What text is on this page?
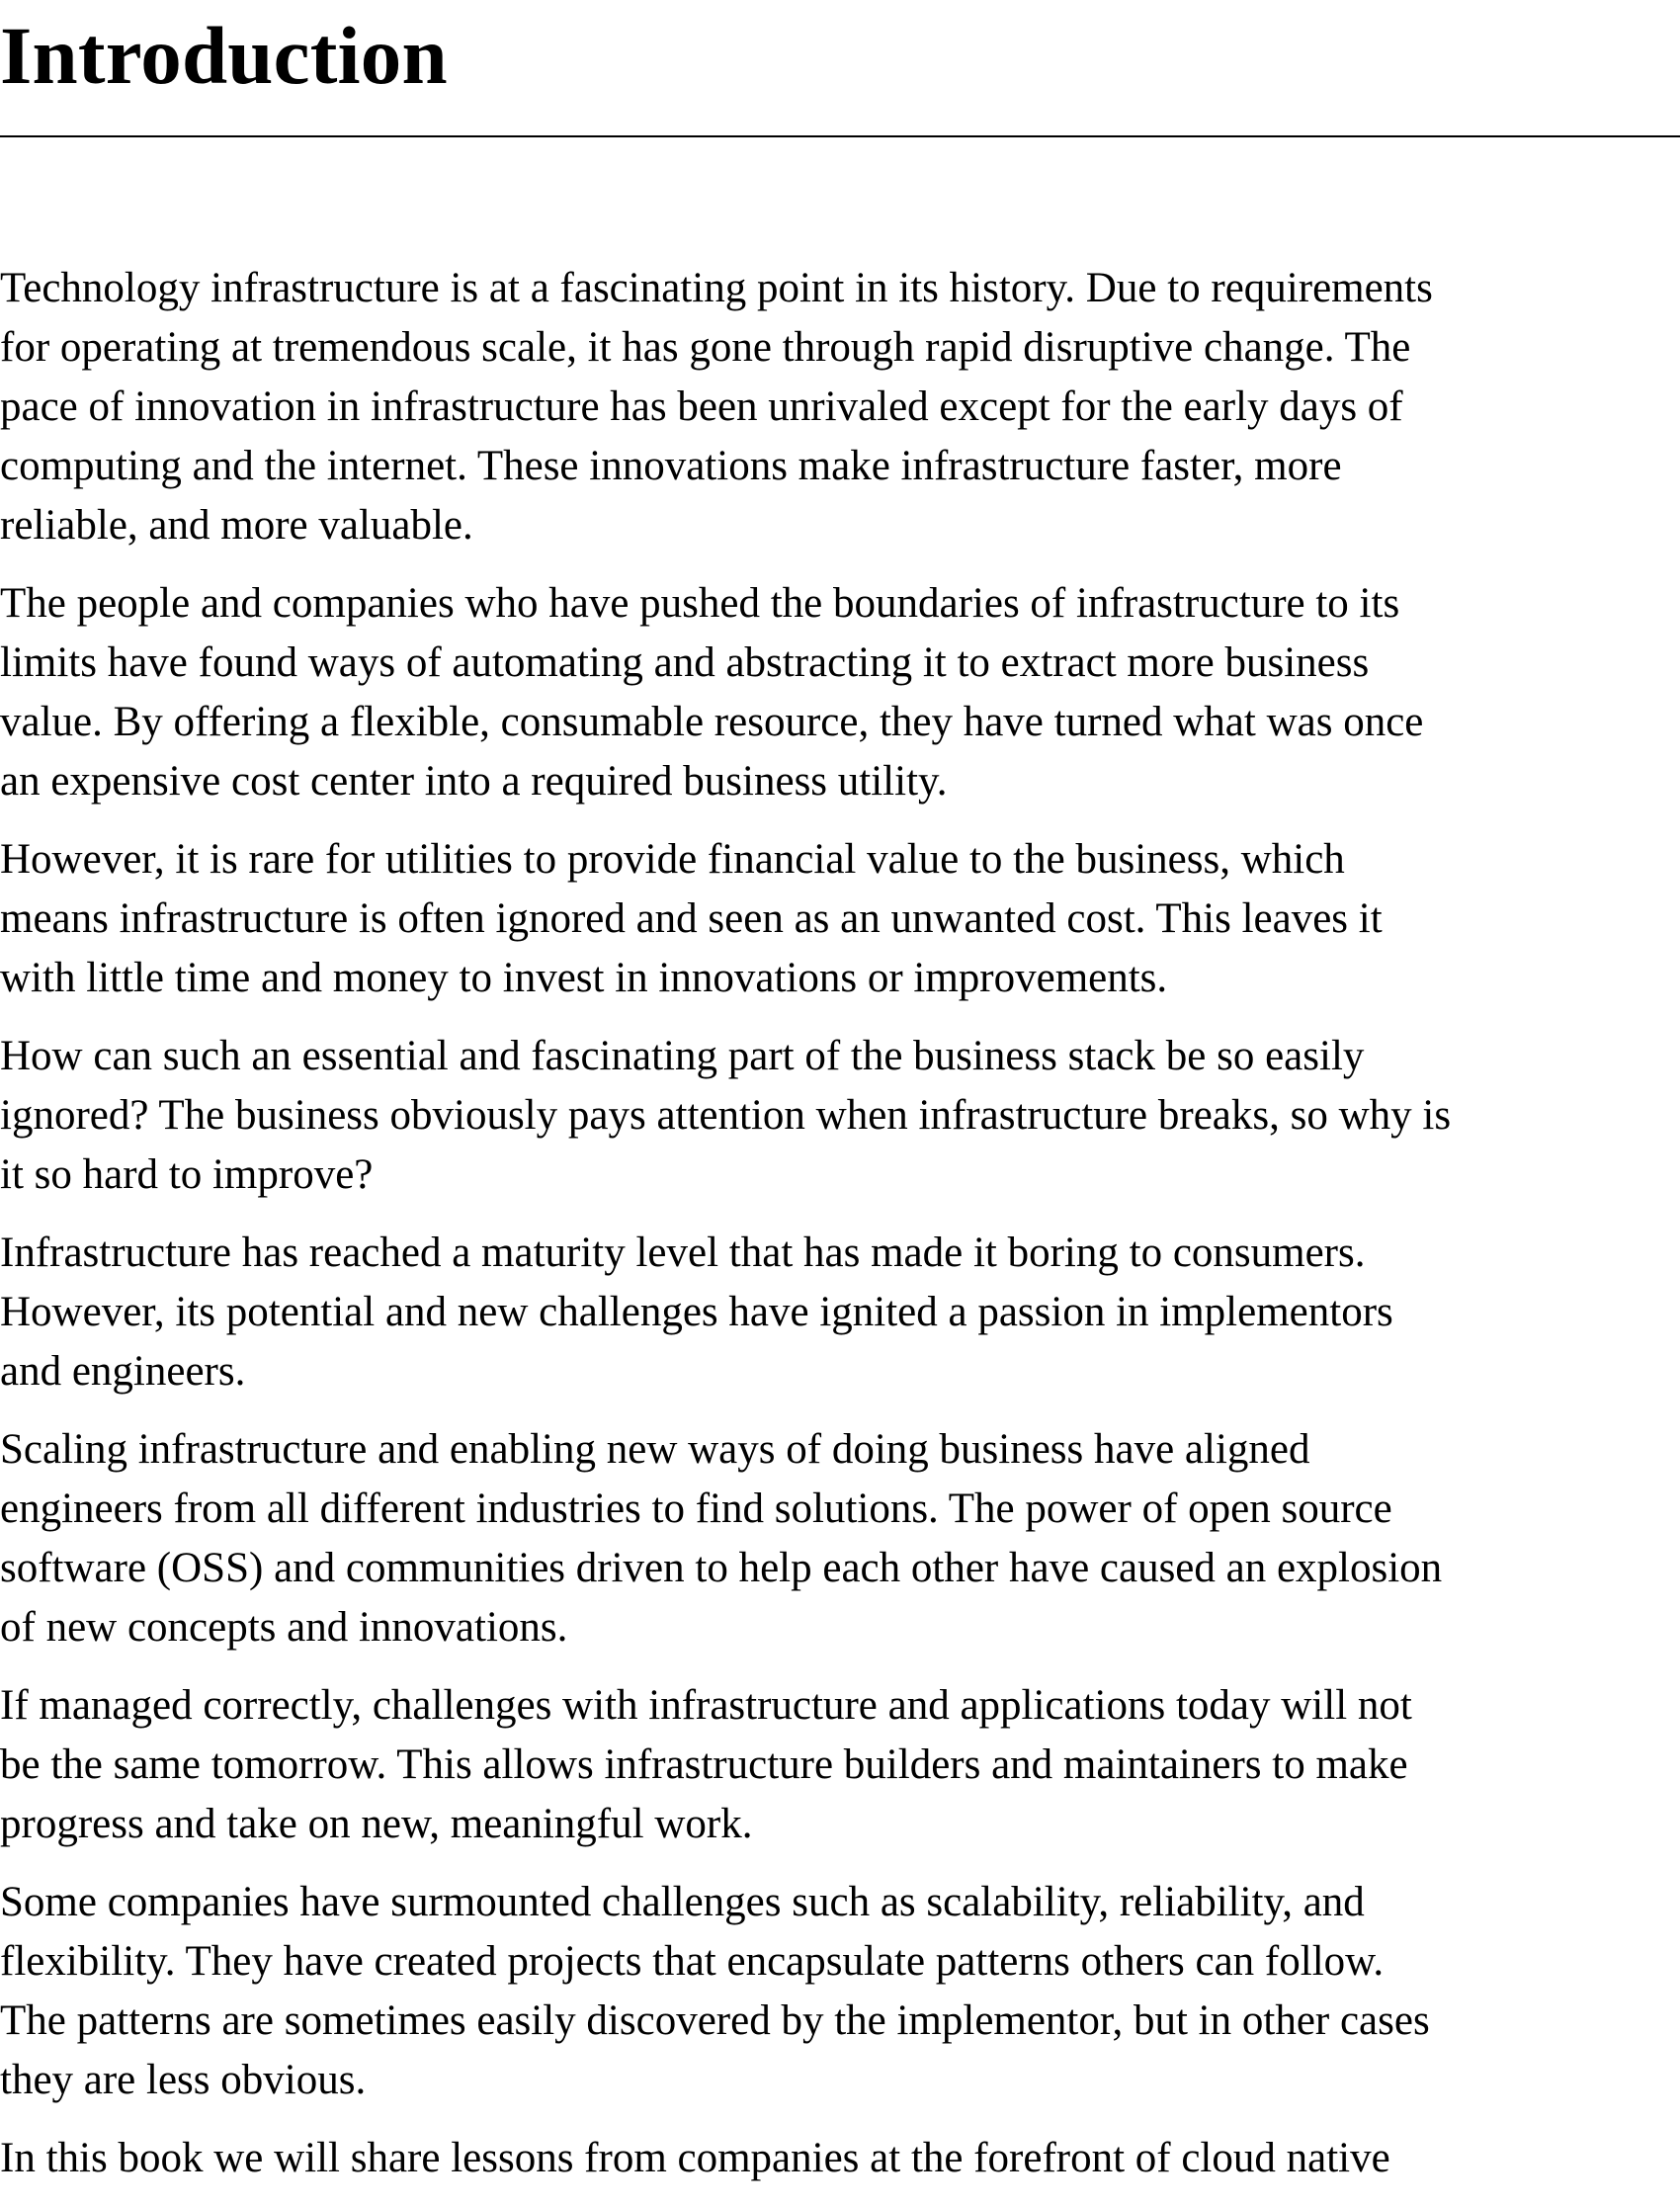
Introduction

Technology infrastructure is at a fascinating point in its history. Due to requirements
for operating at tremendous scale, it has gone through rapid disruptive change. The
pace of innovation in infrastructure has been unrivaled except for the early days of
computing and the internet. These innovations make infrastructure faster, more
reliable, and more valuable.

The people and companies who have pushed the boundaries of infrastructure to its
limits have found ways of automating and abstracting it to extract more business
value. By offering a flexible, consumable resource, they have turned what was once
an expensive cost center into a required business utility.

However, it is rare for utilities to provide financial value to the business, which
means infrastructure is often ignored and seen as an unwanted cost. This leaves it
with little time and money to invest in innovations or improvements.

How can such an essential and fascinating part of the business stack be so easily
ignored? The business obviously pays attention when infrastructure breaks, so why is
it so hard to improve?

Infrastructure has reached a maturity level that has made it boring to consumers.
However, its potential and new challenges have ignited a passion in implementors
and engineers.

Scaling infrastructure and enabling new ways of doing business have aligned
engineers from all different industries to find solutions. The power of open source
software (OSS) and communities driven to help each other have caused an explosion
of new concepts and innovations.

If managed correctly, challenges with infrastructure and applications today will not
be the same tomorrow. This allows infrastructure builders and maintainers to make
progress and take on new, meaningful work.

Some companies have surmounted challenges such as scalability, reliability, and
flexibility. They have created projects that encapsulate patterns others can follow.
The patterns are sometimes easily discovered by the implementor, but in other cases
they are less obvious.

In this book we will share lessons from companies at the forefront of cloud native
